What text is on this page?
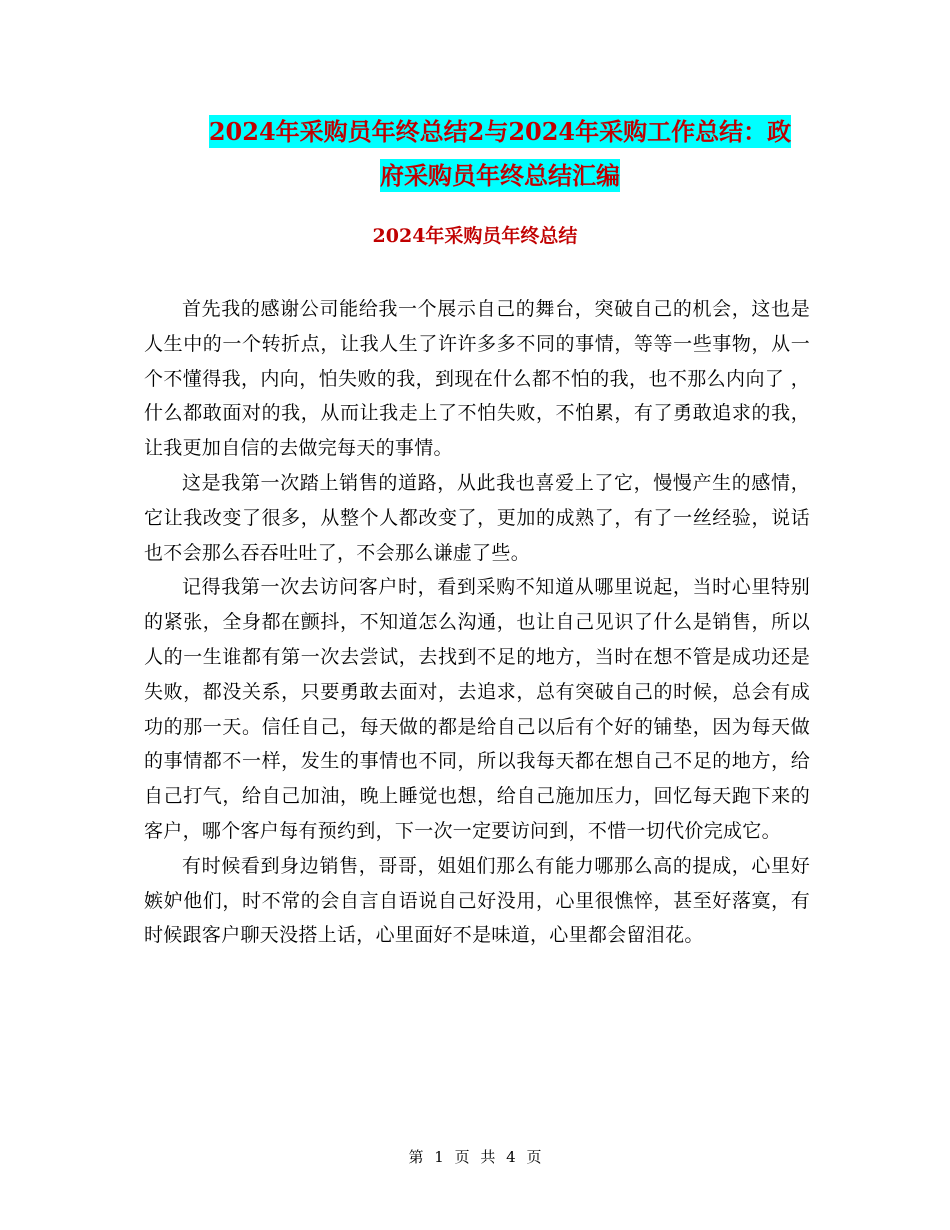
2024年采购员年终总结2与2024年采购工作总结：政
府采购员年终总结汇编
2024年采购员年终总结

首先我的感谢公司能给我一个展示自己的舞台，突破自己的机会，这也是人生中的一个转折点，让我人生了许许多多不同的事情，等等一些事物，从一个不懂得我，内向，怕失败的我，到现在什么都不怕的我，也不那么内向了 ，什么都敢面对的我，从而让我走上了不怕失败，不怕累，有了勇敢追求的我，让我更加自信的去做完每天的事情。

这是我第一次踏上销售的道路，从此我也喜爱上了它，慢慢产生的感情，它让我改变了很多，从整个人都改变了，更加的成熟了，有了一丝经验，说话也不会那么吞吞吐吐了，不会那么谦虚了些。

记得我第一次去访问客户时，看到采购不知道从哪里说起，当时心里特别的紧张，全身都在颤抖，不知道怎么沟通，也让自己见识了什么是销售，所以人的一生谁都有第一次去尝试，去找到不足的地方，当时在想不管是成功还是失败，都没关系，只要勇敢去面对，去追求，总有突破自己的时候，总会有成功的那一天。信任自己，每天做的都是给自己以后有个好的铺垫，因为每天做的事情都不一样，发生的事情也不同，所以我每天都在想自己不足的地方，给自己打气，给自己加油，晚上睡觉也想，给自己施加压力，回忆每天跑下来的客户，哪个客户每有预约到，下一次一定要访问到，不惜一切代价完成它。

有时候看到身边销售，哥哥，姐姐们那么有能力哪那么高的提成，心里好嫉妒他们，时不常的会自言自语说自己好没用，心里很憔悴，甚至好落寞，有时候跟客户聊天没搭上话，心里面好不是味道，心里都会留泪花。

第 1 页 共 4 页
